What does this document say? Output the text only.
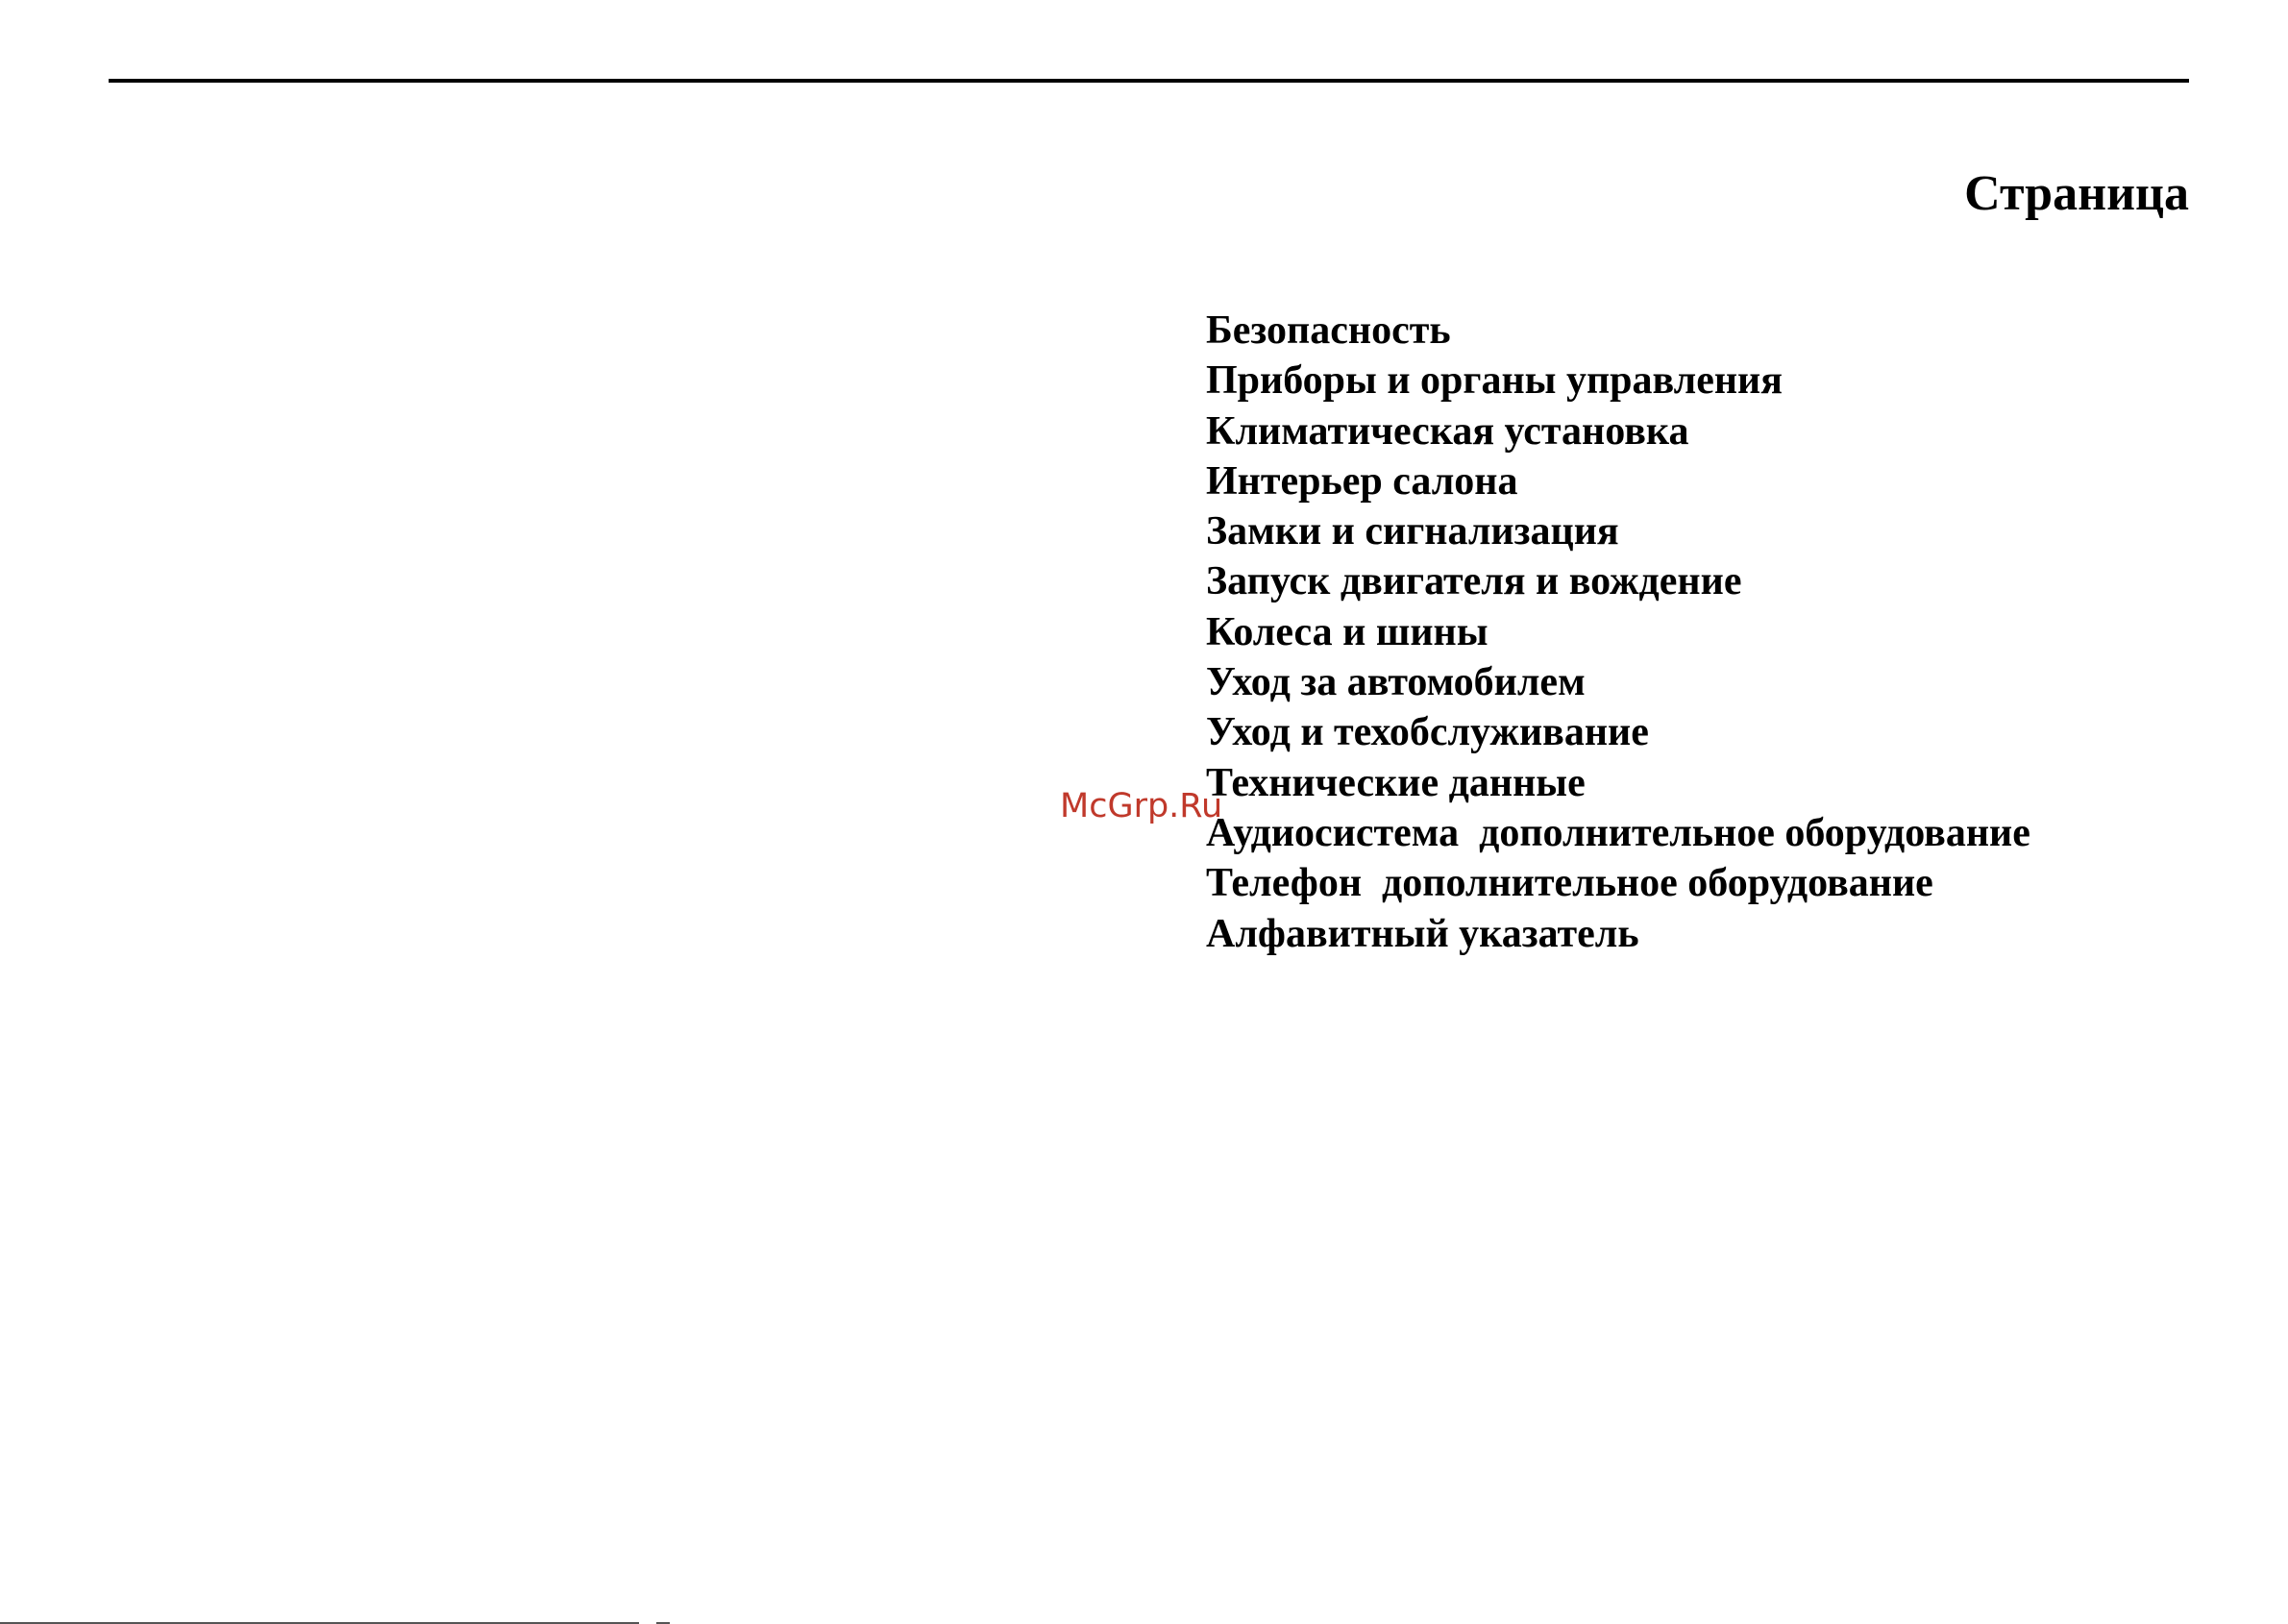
Страница
Безопасность
Приборы и органы управления
Климатическая установка
Интерьер салона
Замки и сигнализация
Запуск двигателя и вождение
Колеса и шины
Уход за автомобилем
Уход и техобслуживание
Технические данные
Аудиосистема  дополнительное оборудование
Телефон  дополнительное оборудование
Алфавитный указатель
McGrp.Ru
